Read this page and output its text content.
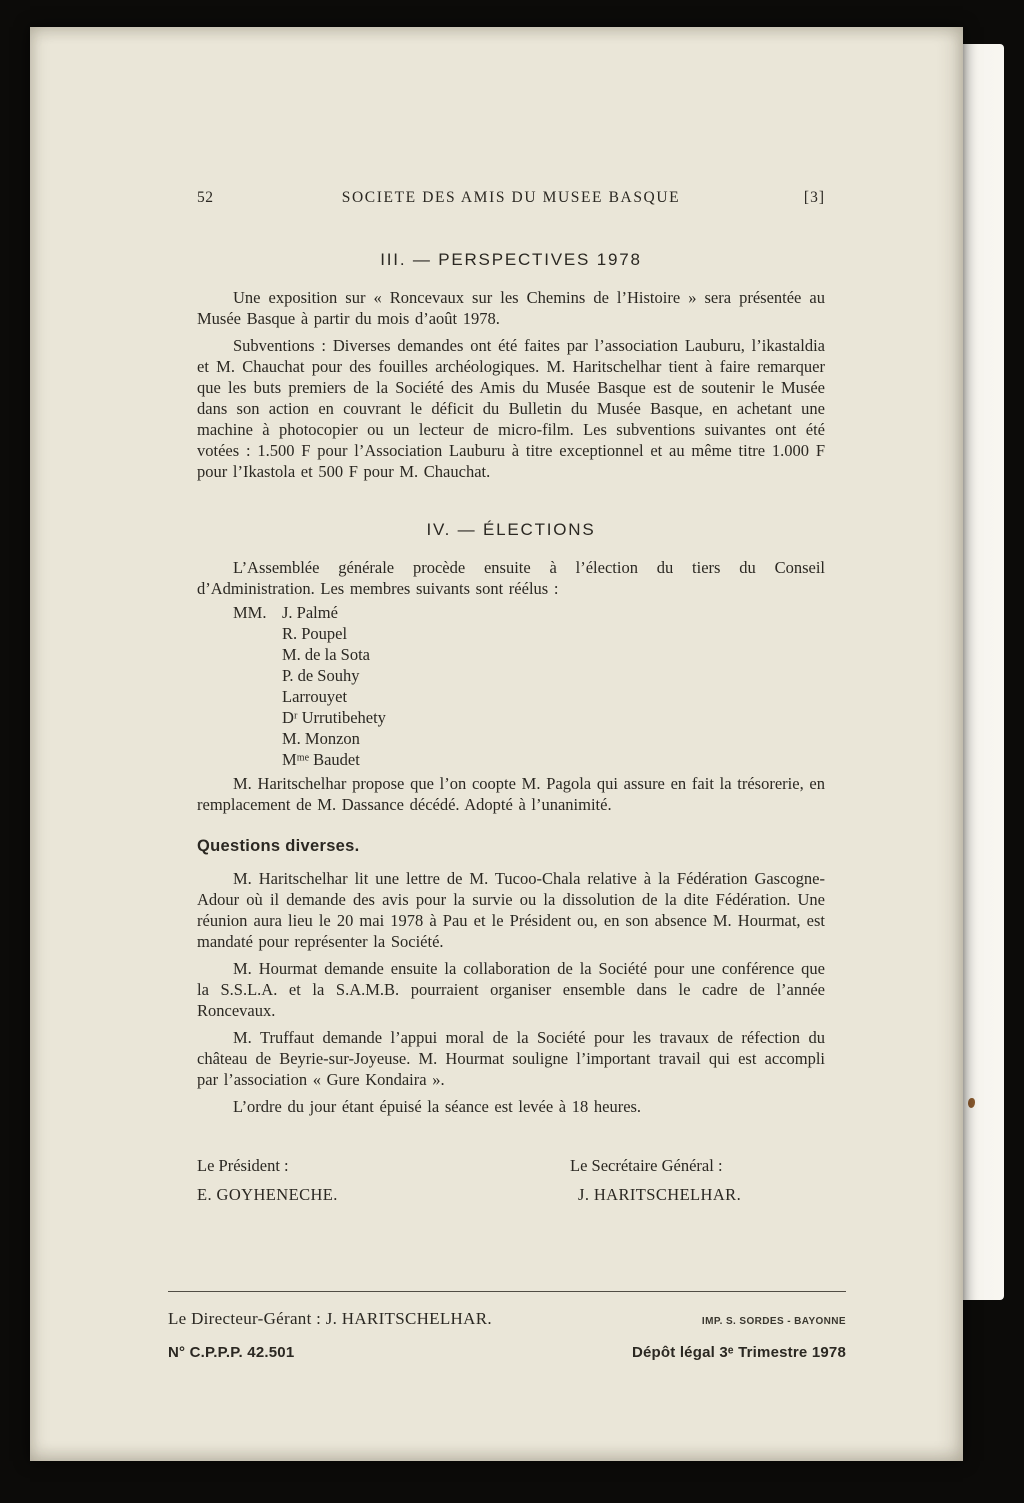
52	SOCIETE DES AMIS DU MUSEE BASQUE	[3]
III. — PERSPECTIVES 1978

Une exposition sur « Roncevaux sur les Chemins de l’Histoire » sera présentée au Musée Basque à partir du mois d’août 1978.

Subventions : Diverses demandes ont été faites par l’association Lauburu, l’ikastaldia et M. Chauchat pour des fouilles archéologiques. M. Haritschelhar tient à faire remarquer que les buts premiers de la Société des Amis du Musée Basque est de soutenir le Musée dans son action en couvrant le déficit du Bulletin du Musée Basque, en achetant une machine à photocopier ou un lecteur de micro-film. Les subventions suivantes ont été votées : 1.500 F pour l’Association Lauburu à titre exceptionnel et au même titre 1.000 F pour l’Ikastola et 500 F pour M. Chauchat.

IV. — ÉLECTIONS

L’Assemblée générale procède ensuite à l’élection du tiers du Conseil d’Administration. Les membres suivants sont réélus :

MM. J. Palmé
R. Poupel
M. de la Sota
P. de Souhy
Larrouyet
Dʳ Urrutibehety
M. Monzon
Mᵐᵉ Baudet

M. Haritschelhar propose que l’on coopte M. Pagola qui assure en fait la trésorerie, en remplacement de M. Dassance décédé. Adopté à l’unanimité.

Questions diverses.

M. Haritschelhar lit une lettre de M. Tucoo-Chala relative à la Fédération Gascogne-Adour où il demande des avis pour la survie ou la dissolution de la dite Fédération. Une réunion aura lieu le 20 mai 1978 à Pau et le Président ou, en son absence M. Hourmat, est mandaté pour représenter la Société.

M. Hourmat demande ensuite la collaboration de la Société pour une conférence que la S.S.L.A. et la S.A.M.B. pourraient organiser ensemble dans le cadre de l’année Roncevaux.

M. Truffaut demande l’appui moral de la Société pour les travaux de réfection du château de Beyrie-sur-Joyeuse. M. Hourmat souligne l’important travail qui est accompli par l’association « Gure Kondaira ».

L’ordre du jour étant épuisé la séance est levée à 18 heures.

Le Président :

E. GOYHENECHE.

Le Secrétaire Général :

J. HARITSCHELHAR.

Le Directeur-Gérant : J. HARITSCHELHAR.	IMP. S. SORDES - BAYONNE
N° C.P.P.P. 42.501	Dépôt légal 3ᵉ Trimestre 1978
